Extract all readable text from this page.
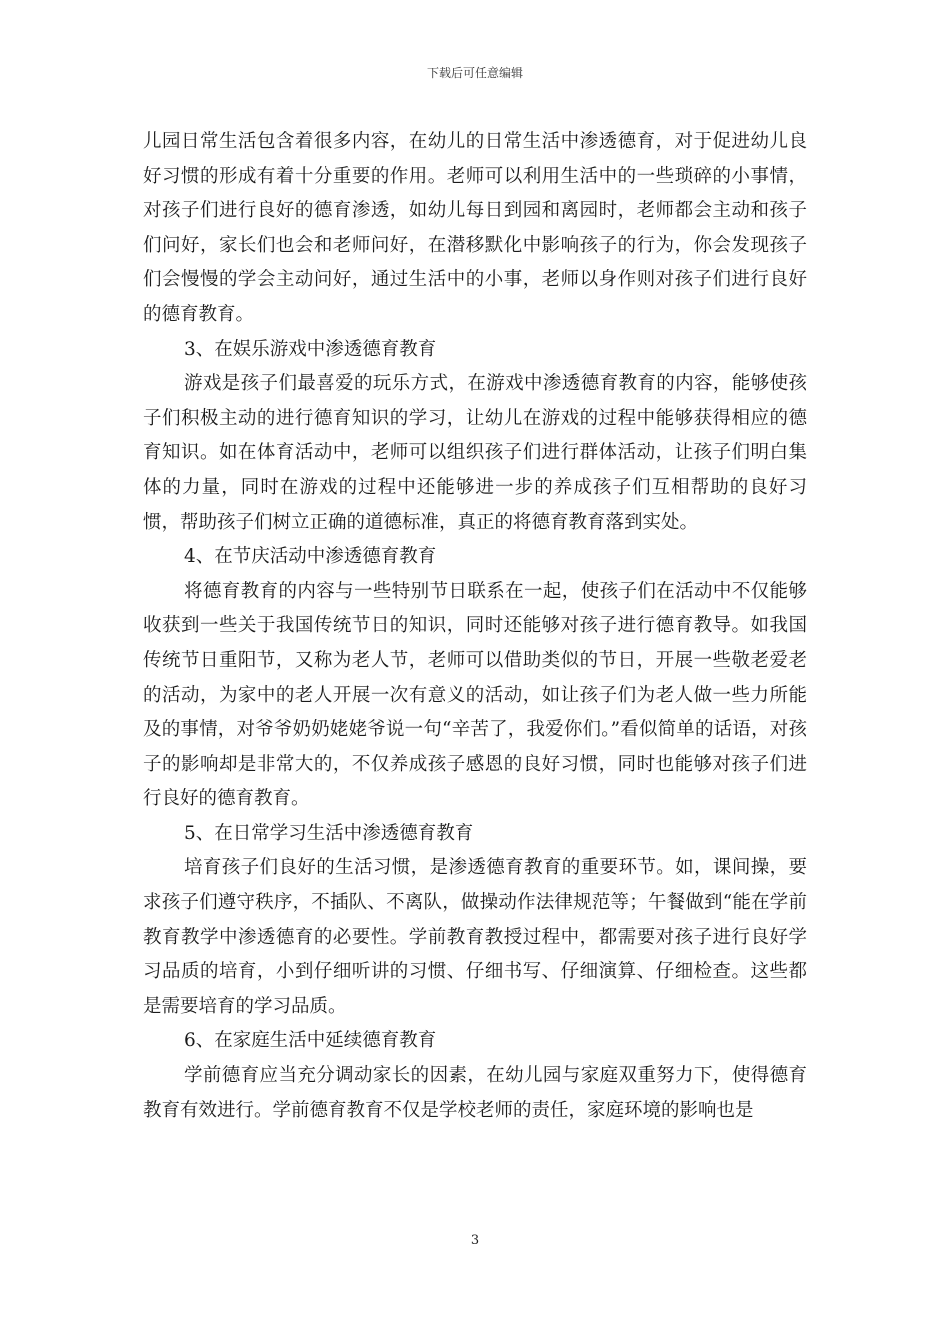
下载后可任意编辑

儿园日常生活包含着很多内容，在幼儿的日常生活中渗透德育，对于促进幼儿良好习惯的形成有着十分重要的作用。老师可以利用生活中的一些琐碎的小事情，对孩子们进行良好的德育渗透，如幼儿每日到园和离园时，老师都会主动和孩子们问好，家长们也会和老师问好，在潜移默化中影响孩子的行为，你会发现孩子们会慢慢的学会主动问好，通过生活中的小事，老师以身作则对孩子们进行良好的德育教育。

3、在娱乐游戏中渗透德育教育

游戏是孩子们最喜爱的玩乐方式，在游戏中渗透德育教育的内容，能够使孩子们积极主动的进行德育知识的学习，让幼儿在游戏的过程中能够获得相应的德育知识。如在体育活动中，老师可以组织孩子们进行群体活动，让孩子们明白集体的力量，同时在游戏的过程中还能够进一步的养成孩子们互相帮助的良好习惯，帮助孩子们树立正确的道德标准，真正的将德育教育落到实处。

4、在节庆活动中渗透德育教育

将德育教育的内容与一些特别节日联系在一起，使孩子们在活动中不仅能够收获到一些关于我国传统节日的知识，同时还能够对孩子进行德育教导。如我国传统节日重阳节，又称为老人节，老师可以借助类似的节日，开展一些敬老爱老的活动，为家中的老人开展一次有意义的活动，如让孩子们为老人做一些力所能及的事情，对爷爷奶奶姥姥爷说一句“辛苦了，我爱你们。”看似简单的话语，对孩子的影响却是非常大的，不仅养成孩子感恩的良好习惯，同时也能够对孩子们进行良好的德育教育。

5、在日常学习生活中渗透德育教育

培育孩子们良好的生活习惯，是渗透德育教育的重要环节。如，课间操，要求孩子们遵守秩序，不插队、不离队，做操动作法律规范等；午餐做到“能在学前教育教学中渗透德育的必要性。学前教育教授过程中，都需要对孩子进行良好学习品质的培育，小到仔细听讲的习惯、仔细书写、仔细演算、仔细检查。这些都是需要培育的学习品质。

6、在家庭生活中延续德育教育

学前德育应当充分调动家长的因素，在幼儿园与家庭双重努力下，使得德育教育有效进行。学前德育教育不仅是学校老师的责任，家庭环境的影响也是

3
